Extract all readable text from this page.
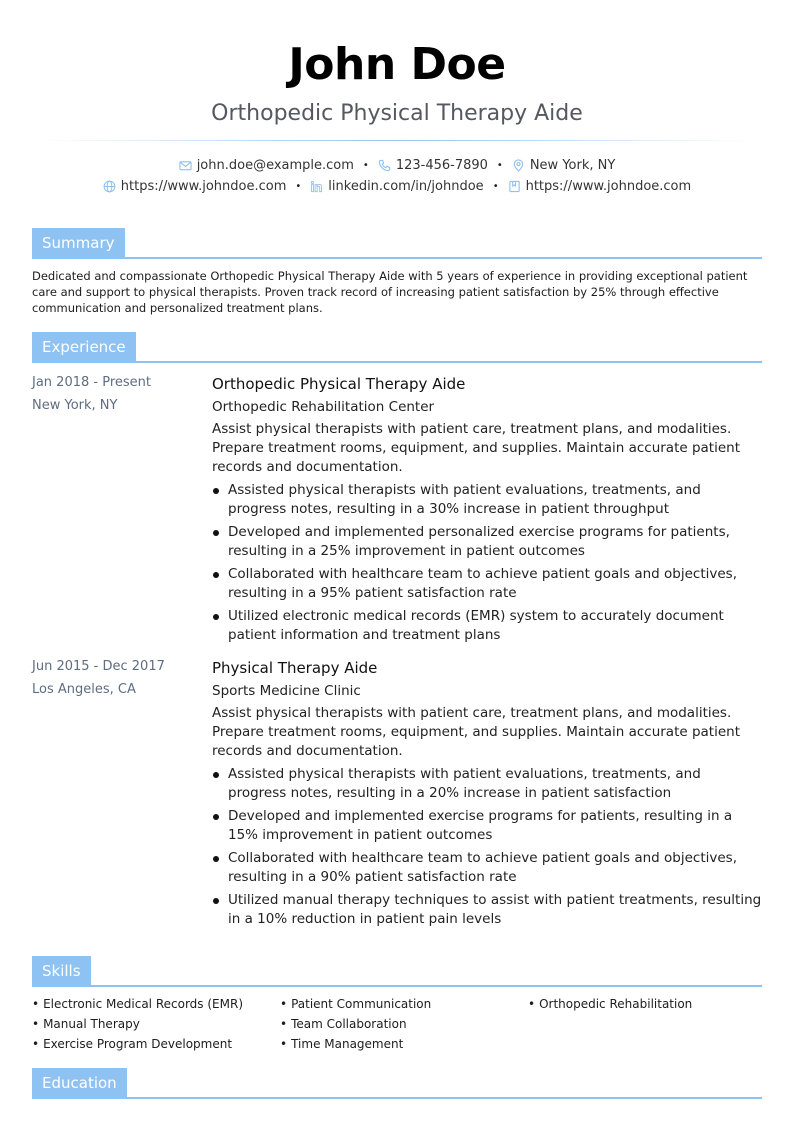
John Doe
Orthopedic Physical Therapy Aide
john.doe@example.com • 123-456-7890 • New York, NY
https://www.johndoe.com • linkedin.com/in/johndoe • https://www.johndoe.com
Summary
Dedicated and compassionate Orthopedic Physical Therapy Aide with 5 years of experience in providing exceptional patient care and support to physical therapists. Proven track record of increasing patient satisfaction by 25% through effective communication and personalized treatment plans.
Experience
Jan 2018 - Present
New York, NY
Orthopedic Physical Therapy Aide
Orthopedic Rehabilitation Center
Assist physical therapists with patient care, treatment plans, and modalities. Prepare treatment rooms, equipment, and supplies. Maintain accurate patient records and documentation.
Assisted physical therapists with patient evaluations, treatments, and progress notes, resulting in a 30% increase in patient throughput
Developed and implemented personalized exercise programs for patients, resulting in a 25% improvement in patient outcomes
Collaborated with healthcare team to achieve patient goals and objectives, resulting in a 95% patient satisfaction rate
Utilized electronic medical records (EMR) system to accurately document patient information and treatment plans
Jun 2015 - Dec 2017
Los Angeles, CA
Physical Therapy Aide
Sports Medicine Clinic
Assist physical therapists with patient care, treatment plans, and modalities. Prepare treatment rooms, equipment, and supplies. Maintain accurate patient records and documentation.
Assisted physical therapists with patient evaluations, treatments, and progress notes, resulting in a 20% increase in patient satisfaction
Developed and implemented exercise programs for patients, resulting in a 15% improvement in patient outcomes
Collaborated with healthcare team to achieve patient goals and objectives, resulting in a 90% patient satisfaction rate
Utilized manual therapy techniques to assist with patient treatments, resulting in a 10% reduction in patient pain levels
Skills
• Electronic Medical Records (EMR)	• Patient Communication	• Orthopedic Rehabilitation
• Manual Therapy	• Team Collaboration
• Exercise Program Development	• Time Management
Education
